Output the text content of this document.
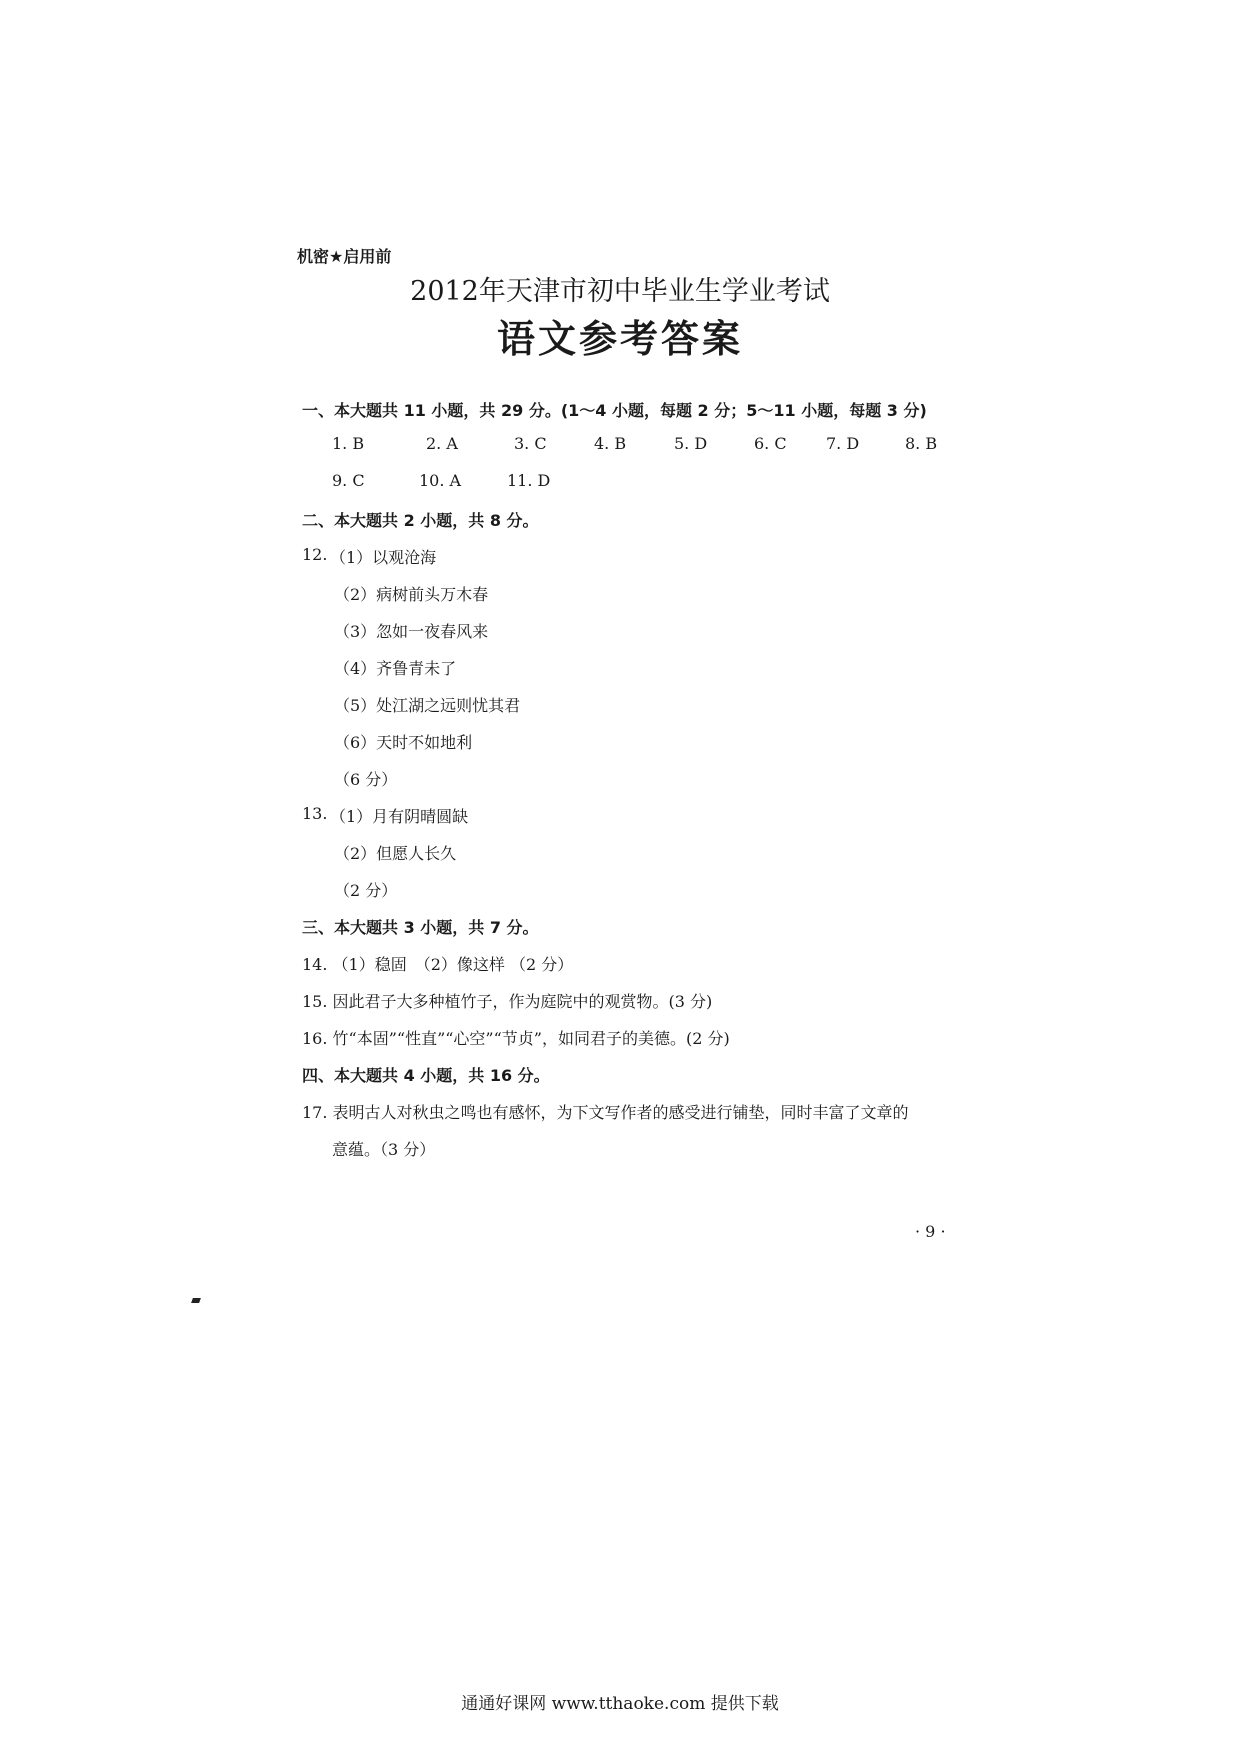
机密★启用前
2012年天津市初中毕业生学业考试
语文参考答案
一、本大题共 11 小题，共 29 分。(1～4 小题，每题 2 分；5～11 小题，每题 3 分)
1. B	2. A	3. C	4. B	5. D	6. C 7. D	8. B
9. C	10. A	11. D
二、本大题共 2 小题，共 8 分。
12. （1）以观沧海
（2）病树前头万木春
（3）忽如一夜春风来
（4）齐鲁青未了
（5）处江湖之远则忧其君
（6）天时不如地利
（6 分）
13. （1）月有阴晴圆缺
（2）但愿人长久
（2 分）
三、本大题共 3 小题，共 7 分。
14. （1）稳固　（2）像这样 （2 分）
15. 因此君子大多种植竹子，作为庭院中的观赏物。(3 分)
16. 竹“本固”“性直”“心空”“节贞”，如同君子的美德。(2 分)
四、本大题共 4 小题，共 16 分。
17. 表明古人对秋虫之鸣也有感怀，为下文写作者的感受进行铺垫，同时丰富了文章的
意蕴。（3 分）
· 9 ·
通通好课网 www.tthaoke.com 提供下载
